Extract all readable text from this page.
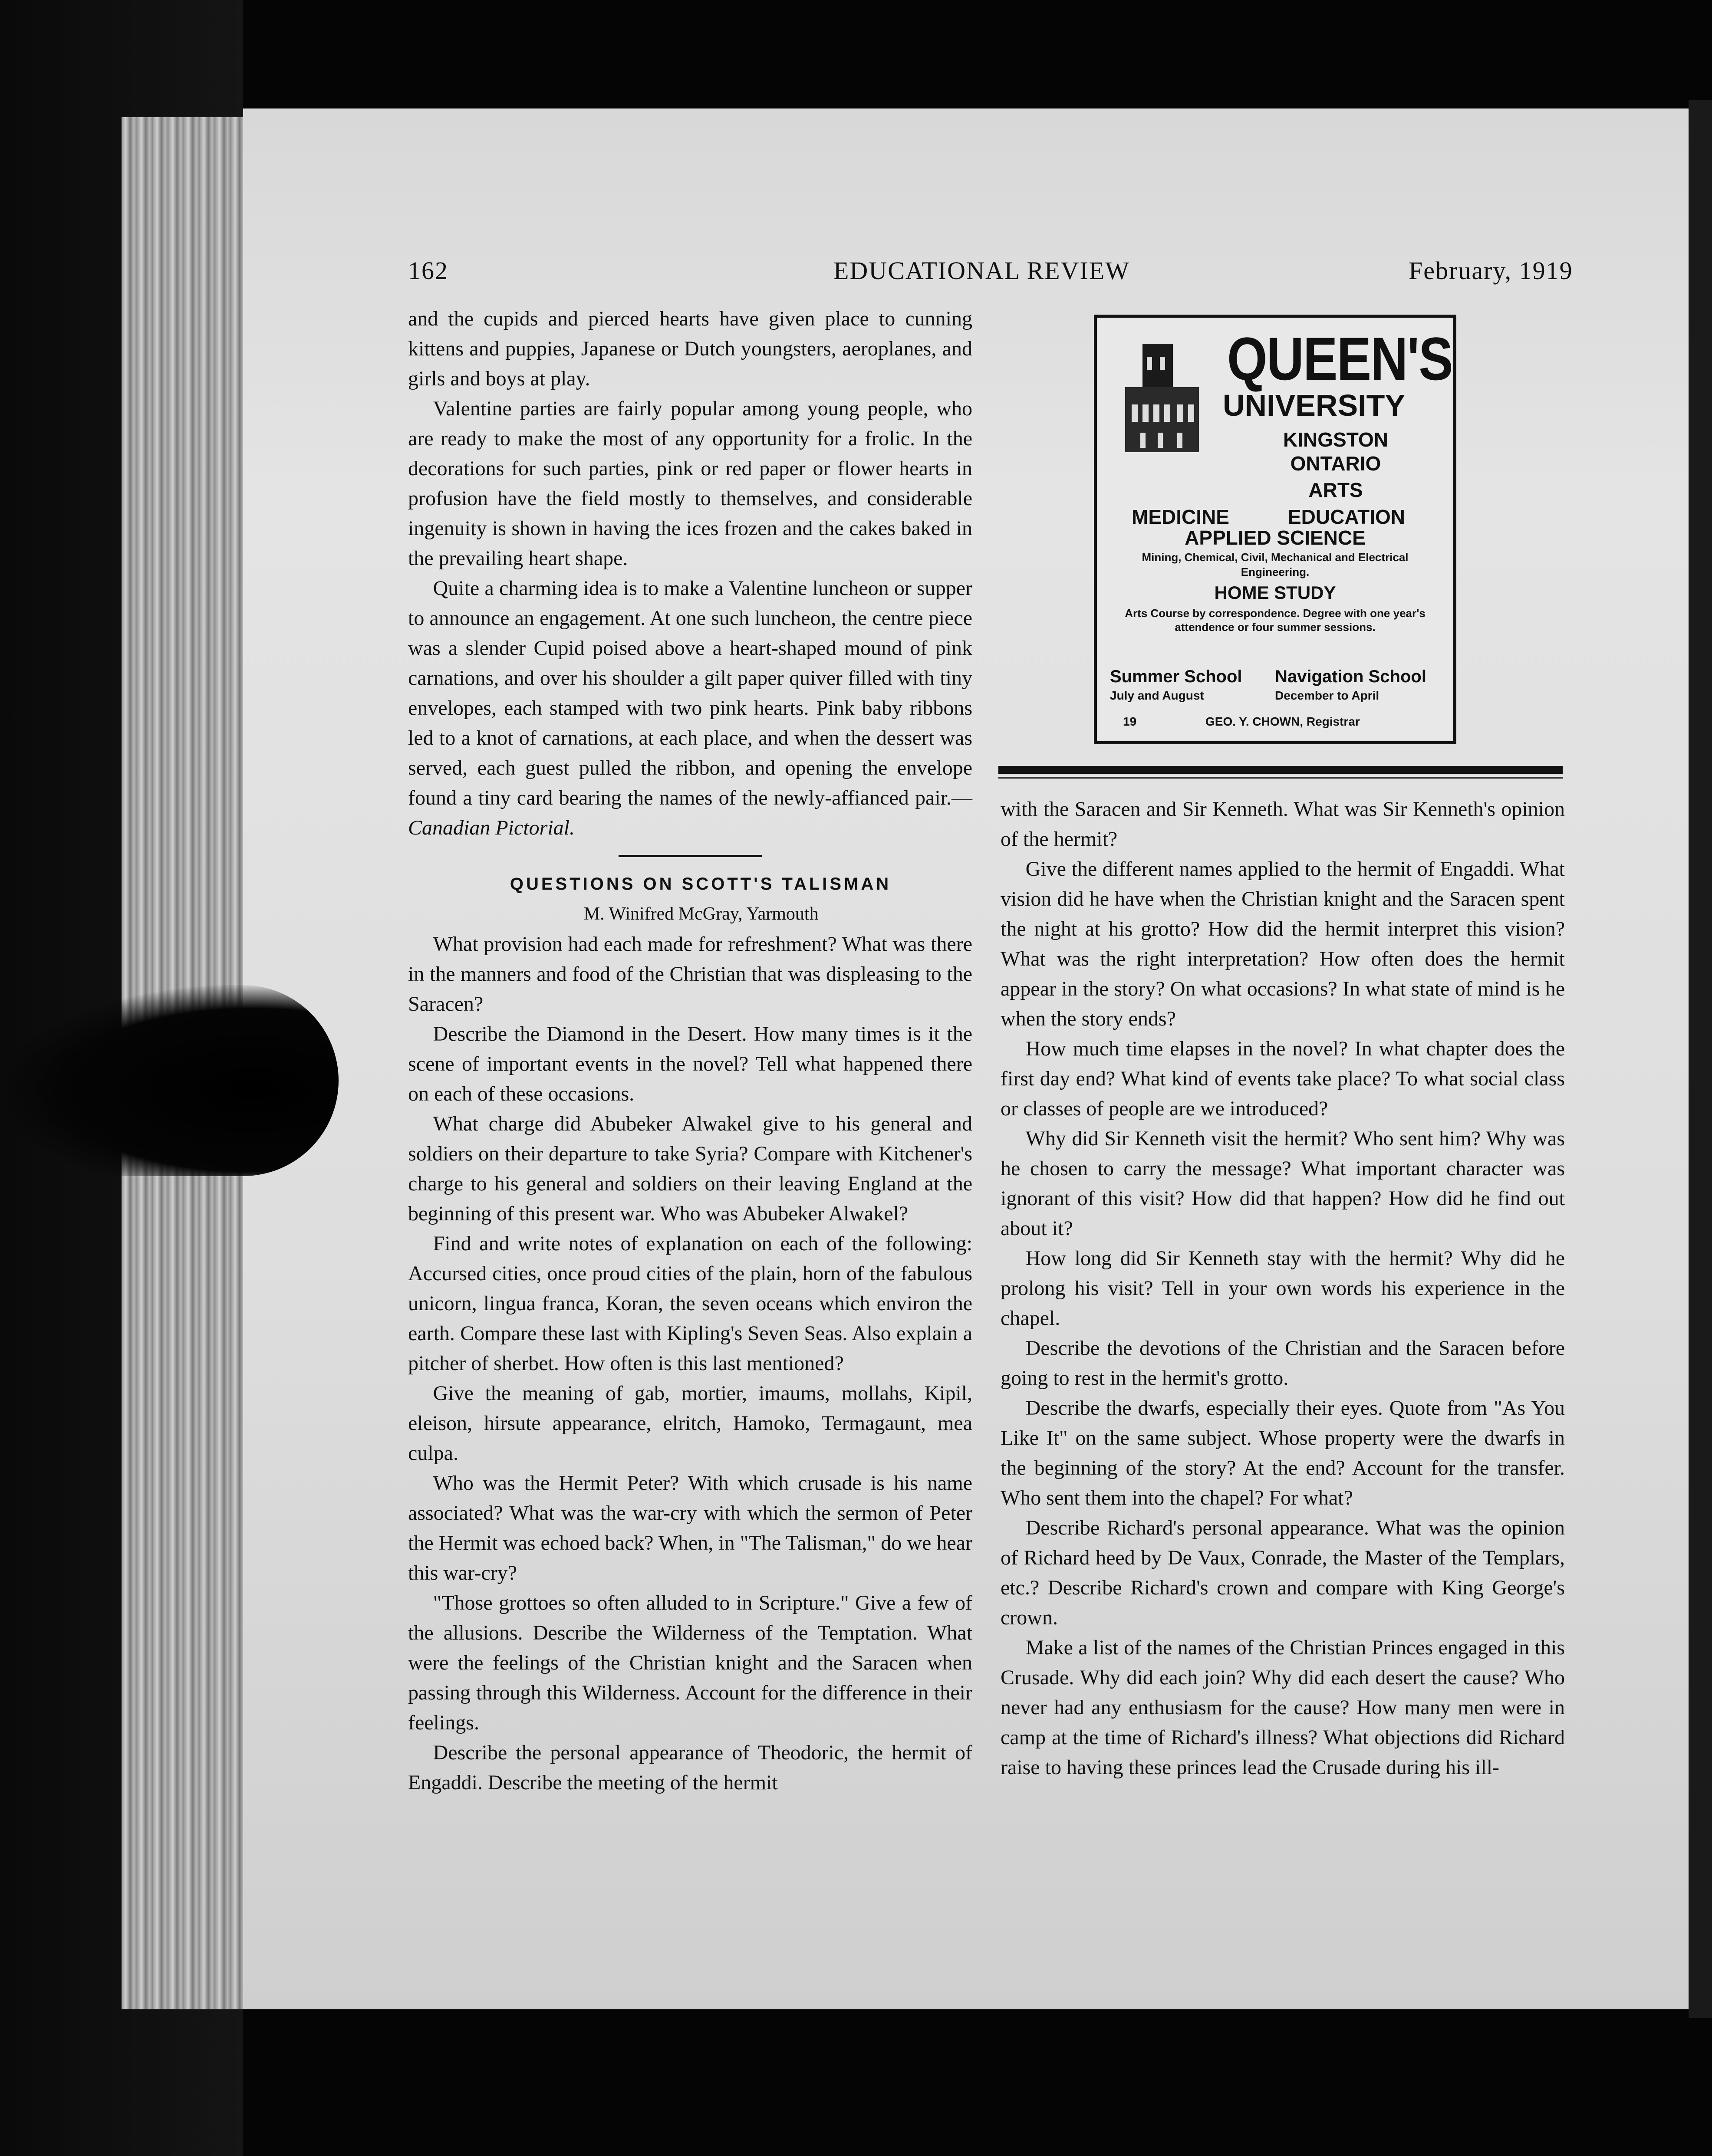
162	EDUCATIONAL REVIEW	February, 1919

and the cupids and pierced hearts have given place to cunning kittens and puppies, Japanese or Dutch youngsters, aeroplanes, and girls and boys at play.

Valentine parties are fairly popular among young people, who are ready to make the most of any opportunity for a frolic. In the decorations for such parties, pink or red paper or flower hearts in profusion have the field mostly to themselves, and considerable ingenuity is shown in having the ices frozen and the cakes baked in the prevailing heart shape.

Quite a charming idea is to make a Valentine luncheon or supper to announce an engagement. At one such luncheon, the centre piece was a slender Cupid poised above a heart-shaped mound of pink carnations, and over his shoulder a gilt paper quiver filled with tiny envelopes, each stamped with two pink hearts. Pink baby ribbons led to a knot of carnations, at each place, and when the dessert was served, each guest pulled the ribbon, and opening the envelope found a tiny card bearing the names of the newly-affianced pair.—Canadian Pictorial.

QUESTIONS ON SCOTT'S TALISMAN

M. Winifred McGray, Yarmouth

What provision had each made for refreshment? What was there in the manners and food of the Christian that was displeasing to the Saracen?

Describe the Diamond in the Desert. How many times is it the scene of important events in the novel? Tell what happened there on each of these occasions.

What charge did Abubeker Alwakel give to his general and soldiers on their departure to take Syria? Compare with Kitchener's charge to his general and soldiers on their leaving England at the beginning of this present war. Who was Abubeker Alwakel?

Find and write notes of explanation on each of the following: Accursed cities, once proud cities of the plain, horn of the fabulous unicorn, lingua franca, Koran, the seven oceans which environ the earth. Compare these last with Kipling's Seven Seas. Also explain a pitcher of sherbet. How often is this last mentioned?

Give the meaning of gab, mortier, imaums, mollahs, Kipil, eleison, hirsute appearance, elritch, Hamoko, Termagaunt, mea culpa.

Who was the Hermit Peter? With which crusade is his name associated? What was the war-cry with which the sermon of Peter the Hermit was echoed back? When, in "The Talisman," do we hear this war-cry?

"Those grottoes so often alluded to in Scripture." Give a few of the allusions. Describe the Wilderness of the Temptation. What were the feelings of the Christian knight and the Saracen when passing through this Wilderness. Account for the difference in their feelings.

Describe the personal appearance of Theodoric, the hermit of Engaddi. Describe the meeting of the hermit

QUEEN'S
UNIVERSITY
KINGSTON
ONTARIO
ARTS
MEDICINE	EDUCATION
APPLIED SCIENCE
Mining, Chemical, Civil, Mechanical and Electrical Engineering.
HOME STUDY
Arts Course by correspondence. Degree with one year's attendence or four summer sessions.
Summer School	Navigation School
July and August	December to April
19	GEO. Y. CHOWN, Registrar

with the Saracen and Sir Kenneth. What was Sir Kenneth's opinion of the hermit?

Give the different names applied to the hermit of Engaddi. What vision did he have when the Christian knight and the Saracen spent the night at his grotto? How did the hermit interpret this vision? What was the right interpretation? How often does the hermit appear in the story? On what occasions? In what state of mind is he when the story ends?

How much time elapses in the novel? In what chapter does the first day end? What kind of events take place? To what social class or classes of people are we introduced?

Why did Sir Kenneth visit the hermit? Who sent him? Why was he chosen to carry the message? What important character was ignorant of this visit? How did that happen? How did he find out about it?

How long did Sir Kenneth stay with the hermit? Why did he prolong his visit? Tell in your own words his experience in the chapel.

Describe the devotions of the Christian and the Saracen before going to rest in the hermit's grotto.

Describe the dwarfs, especially their eyes. Quote from "As You Like It" on the same subject. Whose property were the dwarfs in the beginning of the story? At the end? Account for the transfer. Who sent them into the chapel? For what?

Describe Richard's personal appearance. What was the opinion of Richard heed by De Vaux, Conrade, the Master of the Templars, etc.? Describe Richard's crown and compare with King George's crown.

Make a list of the names of the Christian Princes engaged in this Crusade. Why did each join? Why did each desert the cause? Who never had any enthusiasm for the cause? How many men were in camp at the time of Richard's illness? What objections did Richard raise to having these princes lead the Crusade during his ill-
